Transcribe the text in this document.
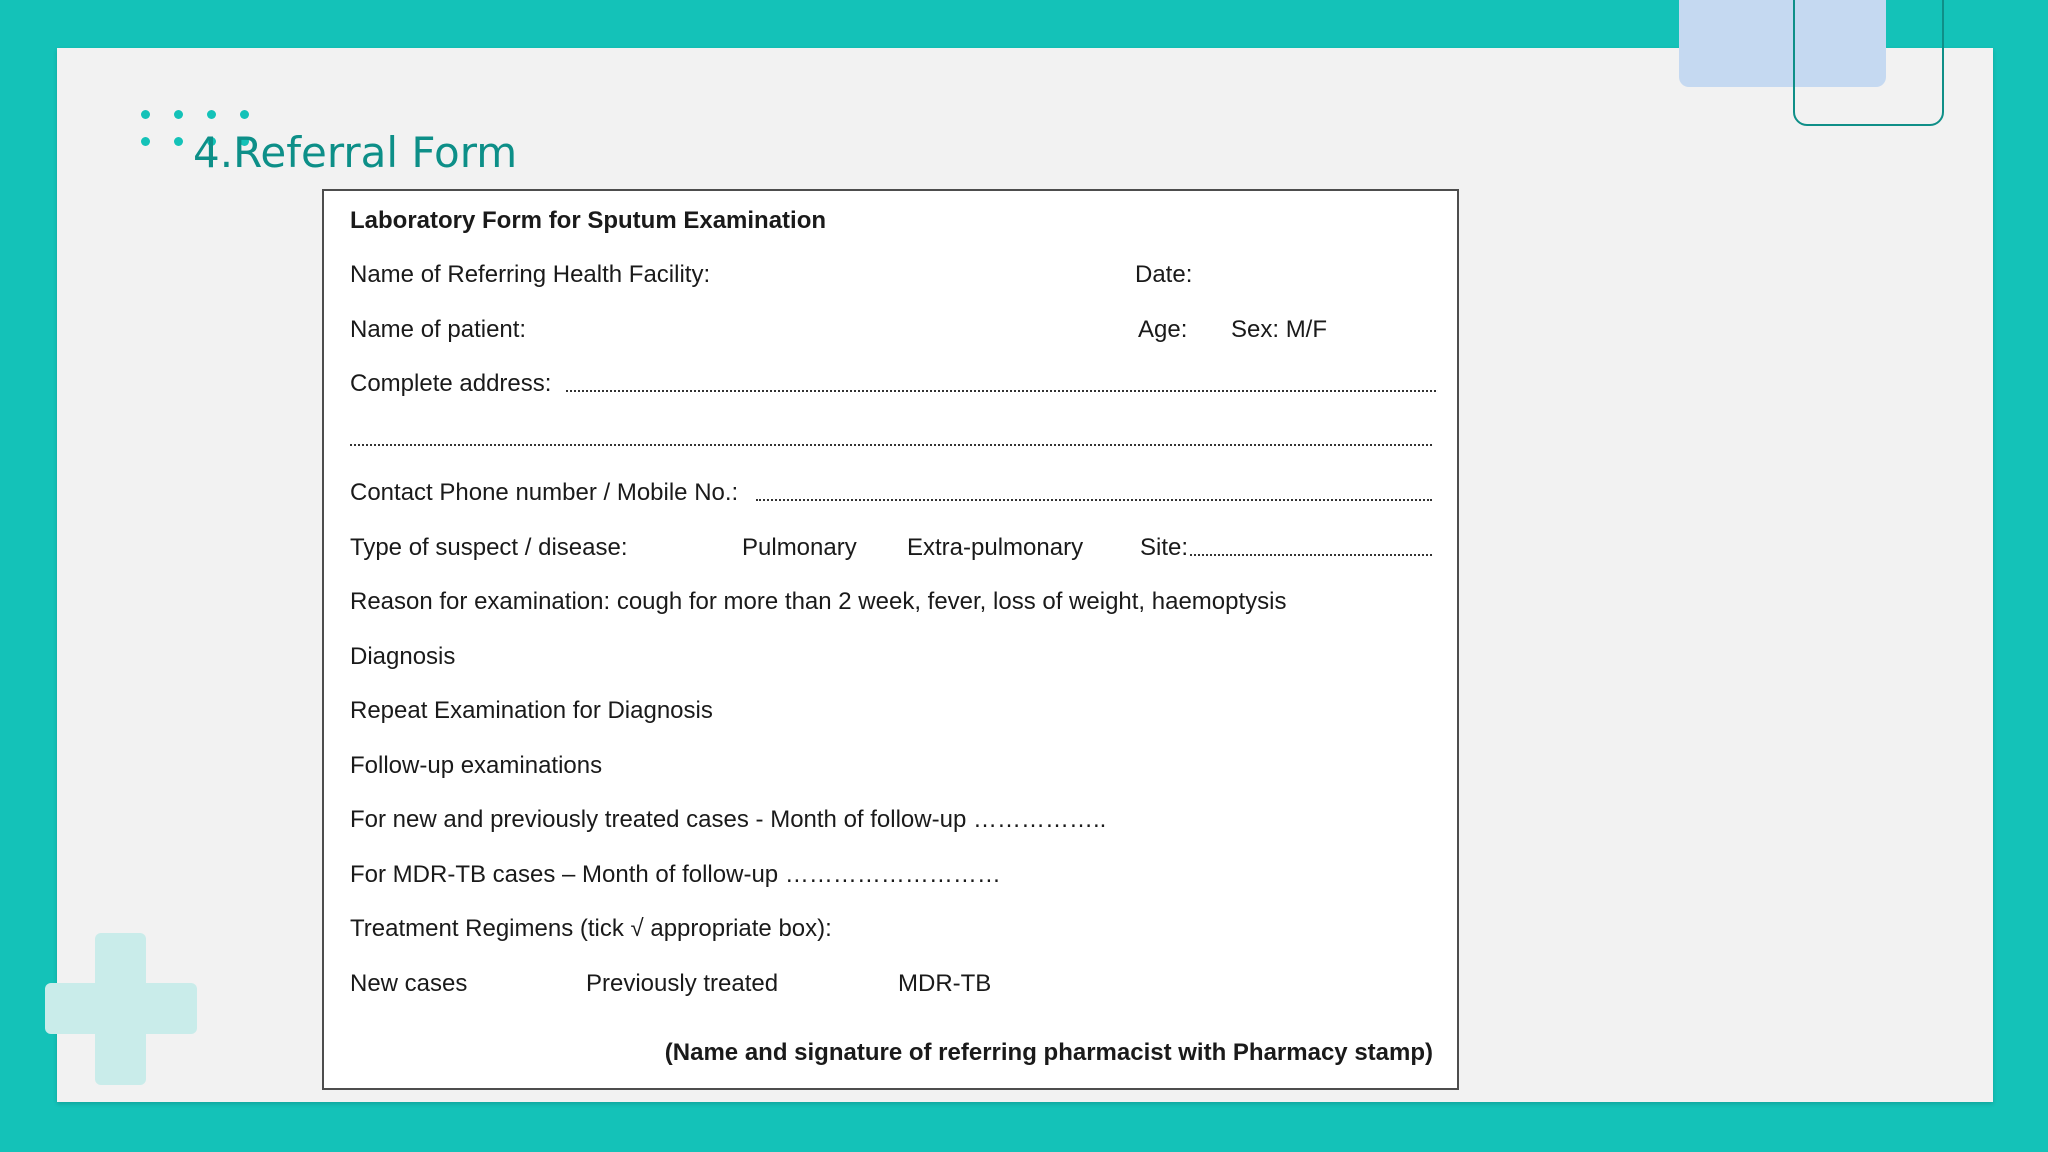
4.Referral Form
Laboratory Form for Sputum Examination
Name of Referring Health Facility:	Date:
Name of patient:	Age: Sex: M/F
Complete address:
Contact Phone number / Mobile No.:
Type of suspect / disease:	Pulmonary Extra-pulmonary Site:
Reason for examination: cough for more than 2 week, fever, loss of weight, haemoptysis
Diagnosis
Repeat Examination for Diagnosis
Follow-up examinations
For new and previously treated cases - Month of follow-up ……………..
For MDR-TB cases – Month of follow-up ………………………
Treatment Regimens (tick √ appropriate box):
New cases	Previously treated	MDR-TB
(Name and signature of referring pharmacist with Pharmacy stamp)
